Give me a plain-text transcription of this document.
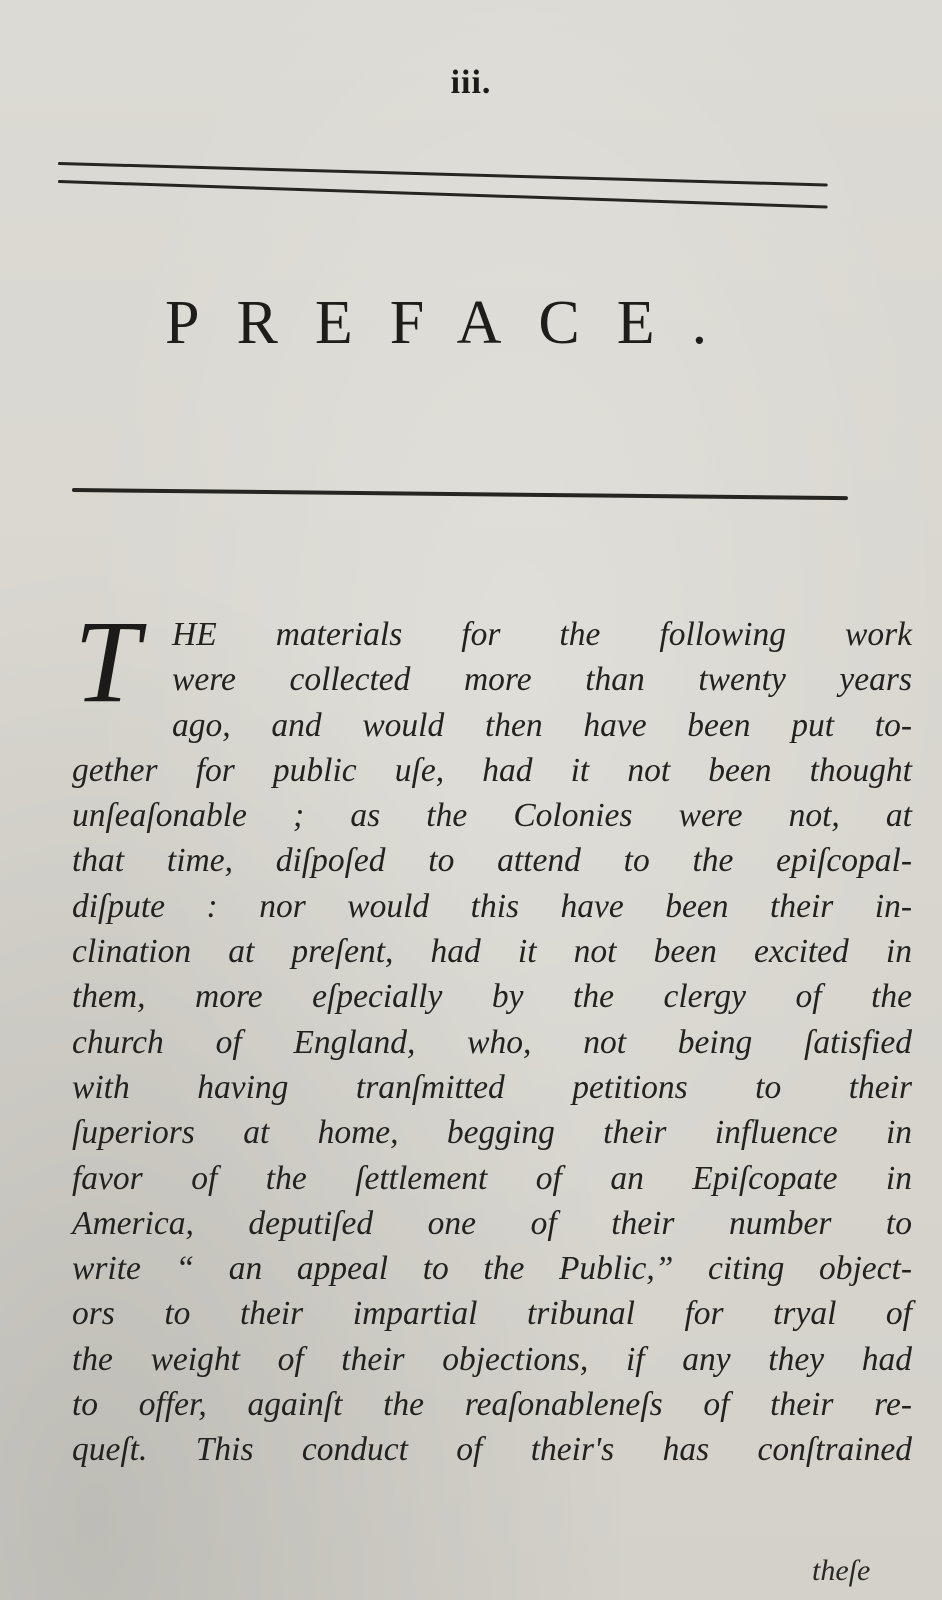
iii.
PREFACE.
T HE materials for the following work
were collected more than twenty years
ago, and would then have been put to-
gether for public uſe, had it not been thought
unſeaſonable ; as the Colonies were not, at
that time, diſpoſed to attend to the epiſcopal-
diſpute : nor would this have been their in-
clination at preſent, had it not been excited in
them, more eſpecially by the clergy of the
church of England, who, not being ſatisfied
with having tranſmitted petitions to their
ſuperiors at home, begging their influence in
favor of the ſettlement of an Epiſcopate in
America, deputiſed one of their number to
write “ an appeal to the Public,” citing object-
ors to their impartial tribunal for tryal of
the weight of their objections, if any they had
to offer, againſt the reaſonableneſs of their re-
queſt. This conduct of their's has conſtrained
theſe
